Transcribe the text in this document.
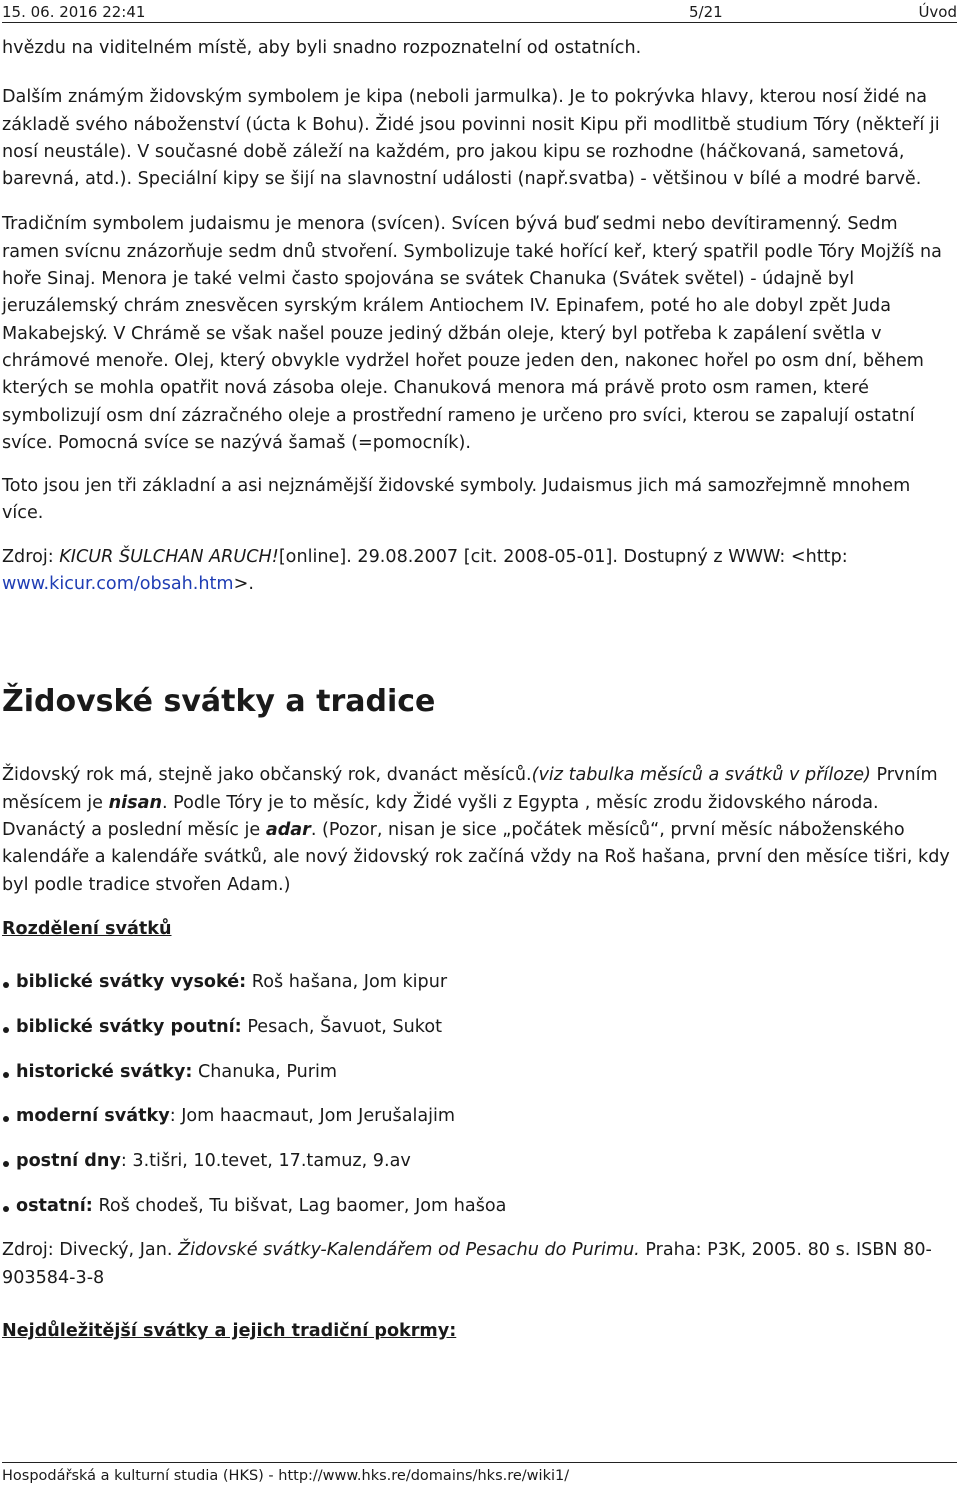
15. 06. 2016 22:41	5/21	Úvod

hvězdu na viditelném místě, aby byli snadno rozpoznatelní od ostatních.

Dalším známým židovským symbolem je kipa (neboli jarmulka). Je to pokrývka hlavy, kterou nosí židé na základě svého náboženství (úcta k Bohu). Židé jsou povinni nosit Kipu při modlitbě studium Tóry (někteří ji nosí neustále). V současné době záleží na každém, pro jakou kipu se rozhodne (háčkovaná, sametová, barevná, atd.). Speciální kipy se šijí na slavnostní události (např.svatba) - většinou v bílé a modré barvě.

Tradičním symbolem judaismu je menora (svícen). Svícen bývá buď sedmi nebo devítiramenný. Sedm ramen svícnu znázorňuje sedm dnů stvoření. Symbolizuje také hořící keř, který spatřil podle Tóry Mojžíš na hoře Sinaj. Menora je také velmi často spojována se svátek Chanuka (Svátek světel) - údajně byl jeruzálemský chrám znesvěcen syrským králem Antiochem IV. Epinafem, poté ho ale dobyl zpět Juda Makabejský. V Chrámě se však našel pouze jediný džbán oleje, který byl potřeba k zapálení světla v chrámové menoře. Olej, který obvykle vydržel hořet pouze jeden den, nakonec hořel po osm dní, během kterých se mohla opatřit nová zásoba oleje. Chanuková menora má právě proto osm ramen, které symbolizují osm dní zázračného oleje a prostřední rameno je určeno pro svíci, kterou se zapalují ostatní svíce. Pomocná svíce se nazývá šamaš (=pomocník).

Toto jsou jen tři základní a asi nejznámější židovské symboly. Judaismus jich má samozřejmně mnohem více.

Zdroj: KICUR ŠULCHAN ARUCH![online]. 29.08.2007 [cit. 2008-05-01]. Dostupný z WWW: <http: www.kicur.com/obsah.htm>.

Židovské svátky a tradice

Židovský rok má, stejně jako občanský rok, dvanáct měsíců.(viz tabulka měsíců a svátků v příloze) Prvním měsícem je nisan. Podle Tóry je to měsíc, kdy Židé vyšli z Egypta , měsíc zrodu židovského národa. Dvanáctý a poslední měsíc je adar. (Pozor, nisan je sice „počátek měsíců“, první měsíc náboženského kalendáře a kalendáře svátků, ale nový židovský rok začíná vždy na Roš hašana, první den měsíce tišri, kdy byl podle tradice stvořen Adam.)

Rozdělení svátků

biblické svátky vysoké: Roš hašana, Jom kipur
biblické svátky poutní: Pesach, Šavuot, Sukot
historické svátky: Chanuka, Purim
moderní svátky: Jom haacmaut, Jom Jerušalajim
postní dny: 3.tišri, 10.tevet, 17.tamuz, 9.av
ostatní: Roš chodeš, Tu bišvat, Lag baomer, Jom hašoa

Zdroj: Divecký, Jan. Židovské svátky-Kalendářem od Pesachu do Purimu. Praha: P3K, 2005. 80 s. ISBN 80-903584-3-8

Nejdůležitější svátky a jejich tradiční pokrmy:

Hospodářská a kulturní studia (HKS) - http://www.hks.re/domains/hks.re/wiki1/
